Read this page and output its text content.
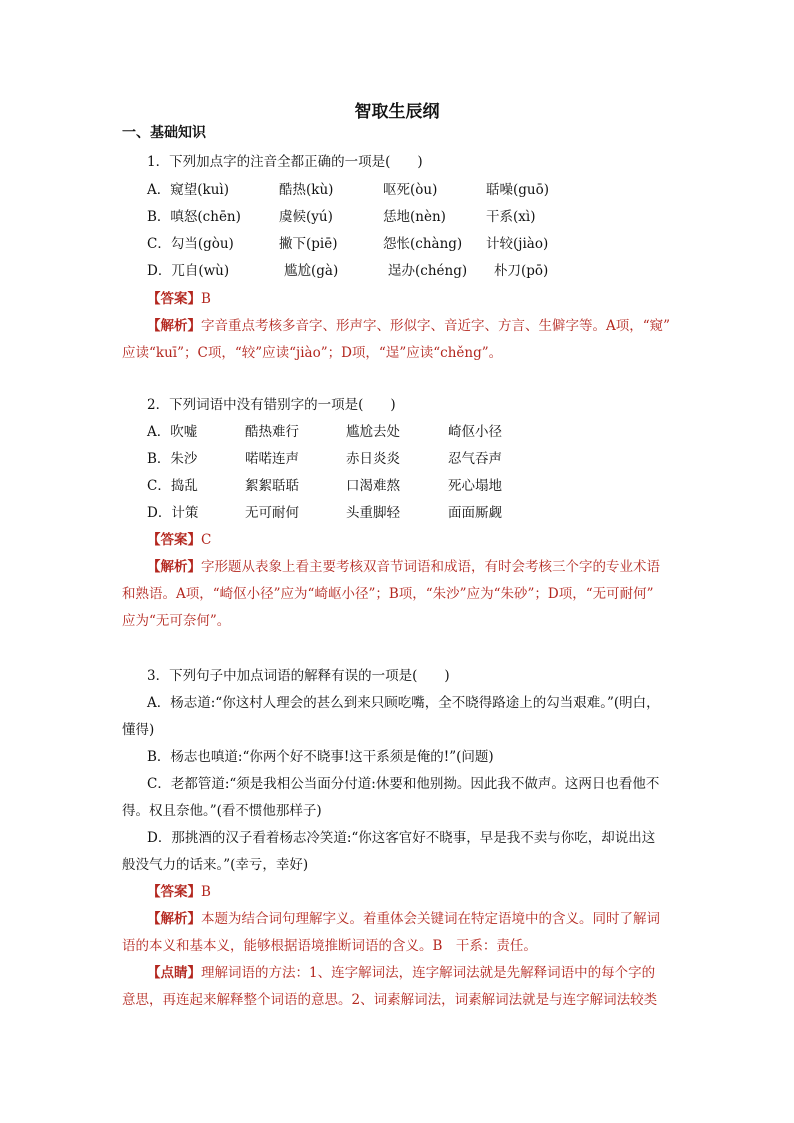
智取生辰纲
一、基础知识
1．下列加点字的注音全都正确的一项是(　　)
A．窥望(kuì)	酷热(kù)	呕死(òu)	聒噪(guō)
B．嗔怒(chēn)	虞候(yú)	恁地(nèn)	干系(xì)
C．勾当(gòu)	撇下(piē)	怨怅(chàng) 计较(jiào)
D．兀自(wù)	尴尬(gà)	逞办(chéng) 朴刀(pō)
【答案】B
【解析】字音重点考核多音字、形声字、形似字、音近字、方言、生僻字等。A项，“窥”
应读“kuī”；C项，“较”应读“jiào”；D项，“逞”应读“chěng”。
2．下列词语中没有错别字的一项是(　　)
A．吹嘘	酷热难行	尴尬去处	崎伛小径
B．朱沙	喏喏连声	赤日炎炎	忍气吞声
C．捣乱	絮絮聒聒	口渴难熬	死心塌地
D．计策	无可耐何	头重脚轻	面面厮觑
【答案】C
【解析】字形题从表象上看主要考核双音节词语和成语，有时会考核三个字的专业术语
和熟语。A项，“崎伛小径”应为“崎岖小径”；B项，“朱沙”应为“朱砂”；D项，“无可耐何”
应为“无可奈何”。
3．下列句子中加点词语的解释有误的一项是(　　)
A．杨志道:“你这村人理会的甚么到来只顾吃嘴，全不晓得路途上的勾当艰难。”(明白，
懂得)
B．杨志也嗔道:“你两个好不晓事!这干系须是俺的!”(问题)
C．老都管道:“须是我相公当面分付道:休要和他别拗。因此我不做声。这两日也看他不
得。权且奈他。”(看不惯他那样子)
D．那挑酒的汉子看着杨志冷笑道:“你这客官好不晓事，早是我不卖与你吃，却说出这
般没气力的话来。”(幸亏，幸好)
【答案】B
【解析】本题为结合词句理解字义。着重体会关键词在特定语境中的含义。同时了解词
语的本义和基本义，能够根据语境推断词语的含义。B　干系：责任。
【点睛】理解词语的方法：1、连字解词法，连字解词法就是先解释词语中的每个字的
意思，再连起来解释整个词语的意思。2、词素解词法，词素解词法就是与连字解词法较类
